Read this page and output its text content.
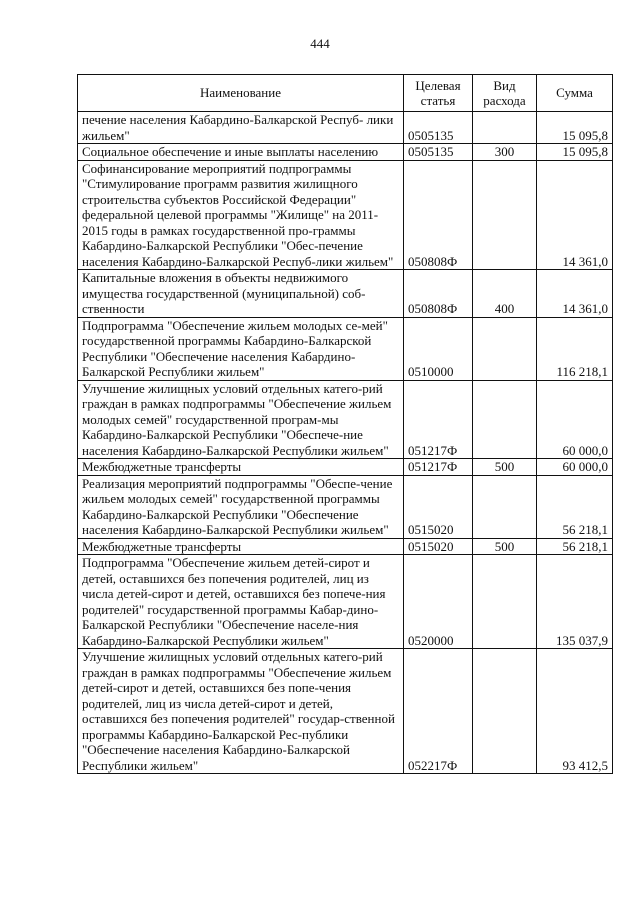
444
Наименование	Целевая статья	Вид расхода	Сумма
печение населения Кабардино-Балкарской Респуб- лики жильем"	0505135		15 095,8
Социальное обеспечение и иные выплаты населению	0505135	300	15 095,8
Софинансирование мероприятий подпрограммы "Стимулирование программ развития жилищного строительства субъектов Российской Федерации" федеральной целевой программы "Жилище" на 2011-2015 годы в рамках государственной про-граммы Кабардино-Балкарской Республики "Обес-печение населения Кабардино-Балкарской Респуб-лики жильем"	050808Ф		14 361,0
Капитальные вложения в объекты недвижимого имущества государственной (муниципальной) соб-ственности	050808Ф	400	14 361,0
Подпрограмма "Обеспечение жильем молодых се-мей" государственной программы Кабардино-Балкарской Республики "Обеспечение населения Кабардино-Балкарской Республики жильем"	0510000		116 218,1
Улучшение жилищных условий отдельных катего-рий граждан в рамках подпрограммы "Обеспечение жильем молодых семей" государственной програм-мы Кабардино-Балкарской Республики "Обеспече-ние населения Кабардино-Балкарской Республики жильем"	051217Ф		60 000,0
Межбюджетные трансферты	051217Ф	500	60 000,0
Реализация мероприятий подпрограммы "Обеспе-чение жильем молодых семей" государственной программы Кабардино-Балкарской Республики "Обеспечение населения Кабардино-Балкарской Республики жильем"	0515020		56 218,1
Межбюджетные трансферты	0515020	500	56 218,1
Подпрограмма "Обеспечение жильем детей-сирот и детей, оставшихся без попечения родителей, лиц из числа детей-сирот и детей, оставшихся без попече-ния родителей" государственной программы Кабар-дино-Балкарской Республики "Обеспечение населе-ния Кабардино-Балкарской Республики жильем"	0520000		135 037,9
Улучшение жилищных условий отдельных катего-рий граждан в рамках подпрограммы "Обеспечение жильем детей-сирот и детей, оставшихся без попе-чения родителей, лиц из числа детей-сирот и детей, оставшихся без попечения родителей" государ-ственной программы Кабардино-Балкарской Рес-публики "Обеспечение населения Кабардино-Балкарской Республики жильем"	052217Ф		93 412,5
